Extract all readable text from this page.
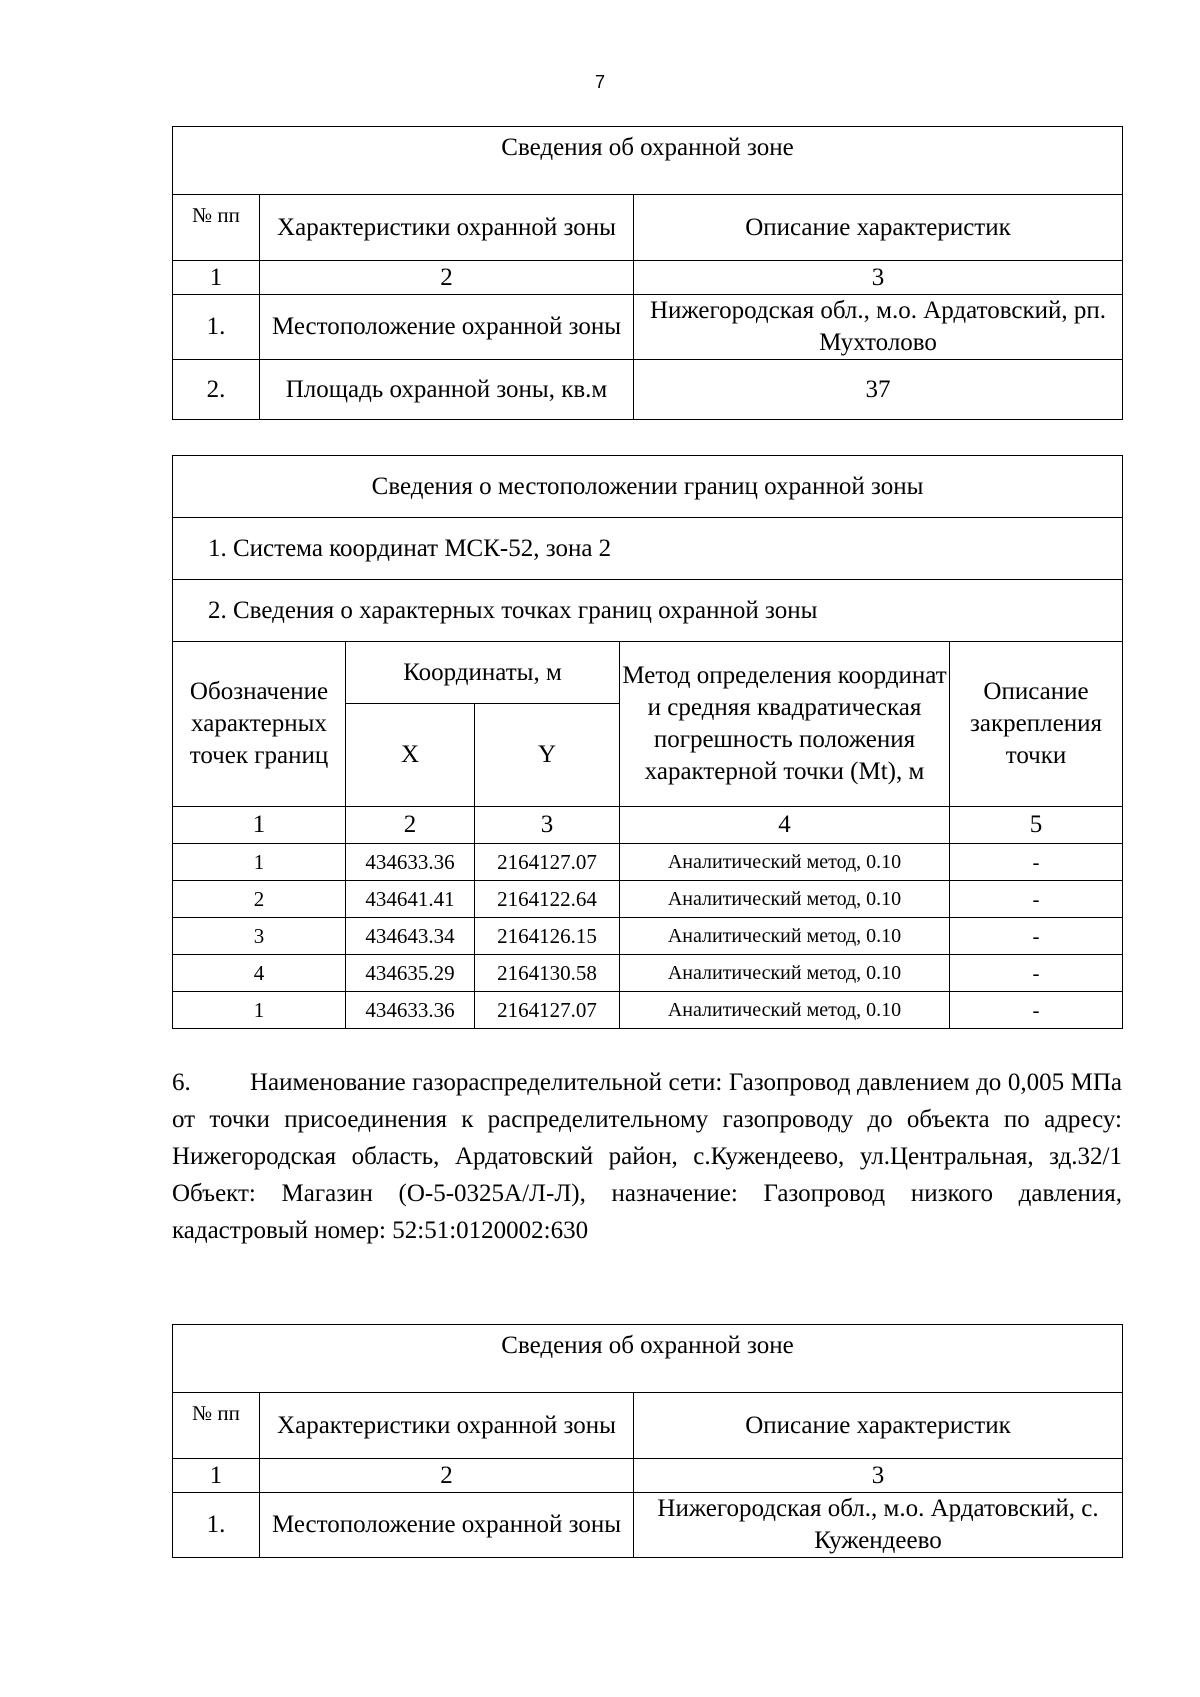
7
Сведения об охранной зоне		
№ пп	Характеристики охранной зоны	Описание характеристик
1	2	3
1.	Местоположение охранной зоны	Нижегородская обл., м.о. Ардатовский, рп. Мухтолово
2.	Площадь охранной зоны, кв.м	37
Сведения о местоположении границ охранной зоны				
1. Система координат МСК-52, зона 2				
2. Сведения о характерных точках границ охранной зоны				
Обозначение характерных точек границ	Координаты, м		Метод определения координат и средняя квадратическая погрешность положения характерной точки (Mt), м	Описание закрепления точки
	X	Y		
1	2	3	4	5
1	434633.36	2164127.07	Аналитический метод, 0.10	-
2	434641.41	2164122.64	Аналитический метод, 0.10	-
3	434643.34	2164126.15	Аналитический метод, 0.10	-
4	434635.29	2164130.58	Аналитический метод, 0.10	-
1	434633.36	2164127.07	Аналитический метод, 0.10	-

6. Наименование газораспределительной сети: Газопровод давлением до 0,005 МПа от точки присоединения к распределительному газопроводу до объекта по адресу: Нижегородская область, Ардатовский район, с.Кужендеево, ул.Центральная, зд.32/1 Объект: Магазин (О-5-0325А/Л-Л), назначение: Газопровод низкого давления, кадастровый номер: 52:51:0120002:630

Сведения об охранной зоне		
№ пп	Характеристики охранной зоны	Описание характеристик
1	2	3
1.	Местоположение охранной зоны	Нижегородская обл., м.о. Ардатовский, с. Кужендеево
